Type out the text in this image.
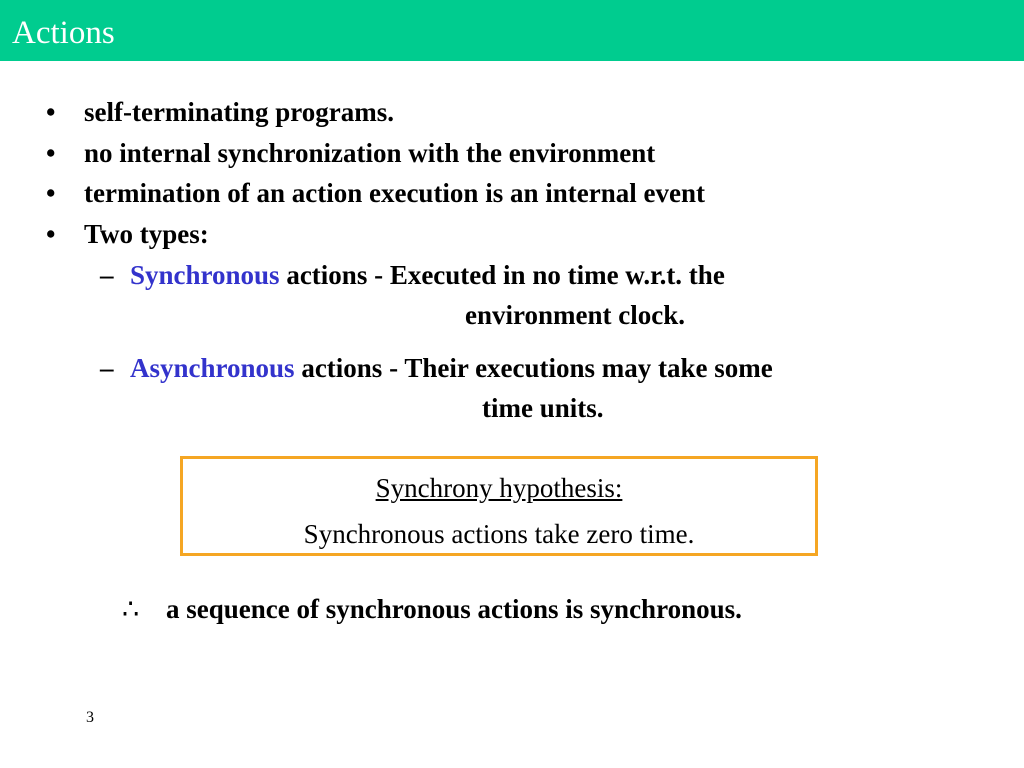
Actions
• self-terminating programs.
• no internal synchronization with the environment
• termination of an action execution is an internal event
• Two types:
– Synchronous actions - Executed in no time w.r.t. the
environment clock.
– Asynchronous actions - Their executions may take some
time units.
Synchrony hypothesis:
Synchronous actions take zero time.
∴ a sequence of synchronous actions is synchronous.
3
